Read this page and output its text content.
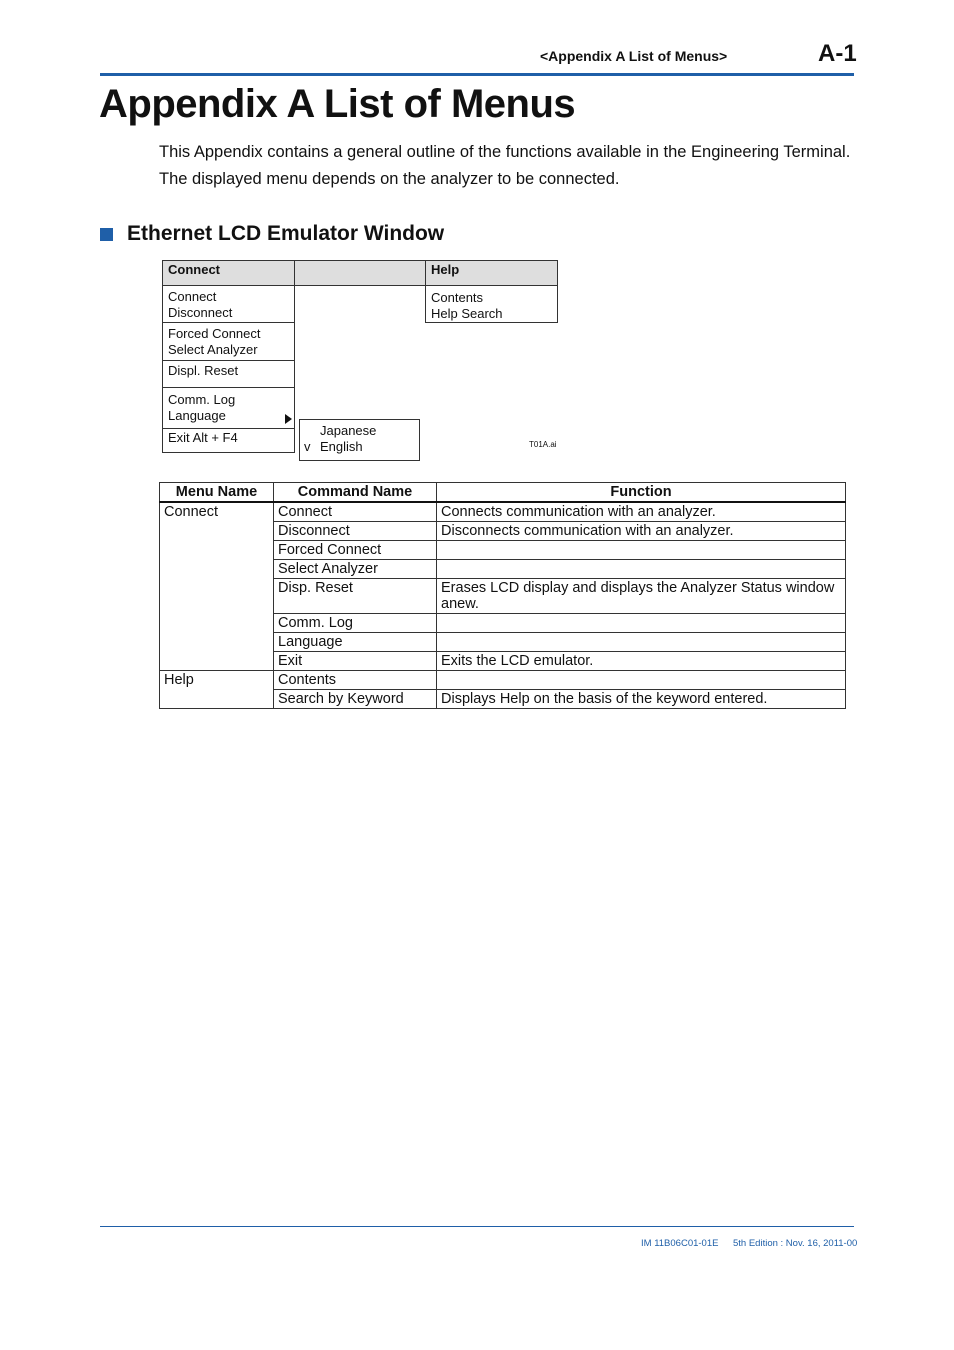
<Appendix A List of Menus>	A-1
Appendix A List of Menus
This Appendix contains a general outline of the functions available in the Engineering Terminal.
The displayed menu depends on the analyzer to be connected.
Ethernet LCD Emulator Window
Connect	Help
Connect
Disconnect
Forced Connect
Select Analyzer
Displ. Reset
Comm. Log
Language
Exit Alt + F4
Contents
Help Search
Japanese
v English	T01A.ai
Menu Name	Command Name	Function
Connect	Connect	Connects communication with an analyzer.
	Disconnect	Disconnects communication with an analyzer.
	Forced Connect	
	Select Analyzer	
	Disp. Reset	Erases LCD display and displays the Analyzer Status window anew.
	Comm. Log	
	Language	
	Exit	Exits the LCD emulator.
Help	Contents	
	Search by Keyword	Displays Help on the basis of the keyword entered.
IM 11B06C01-01E 5th Edition : Nov. 16, 2011-00
